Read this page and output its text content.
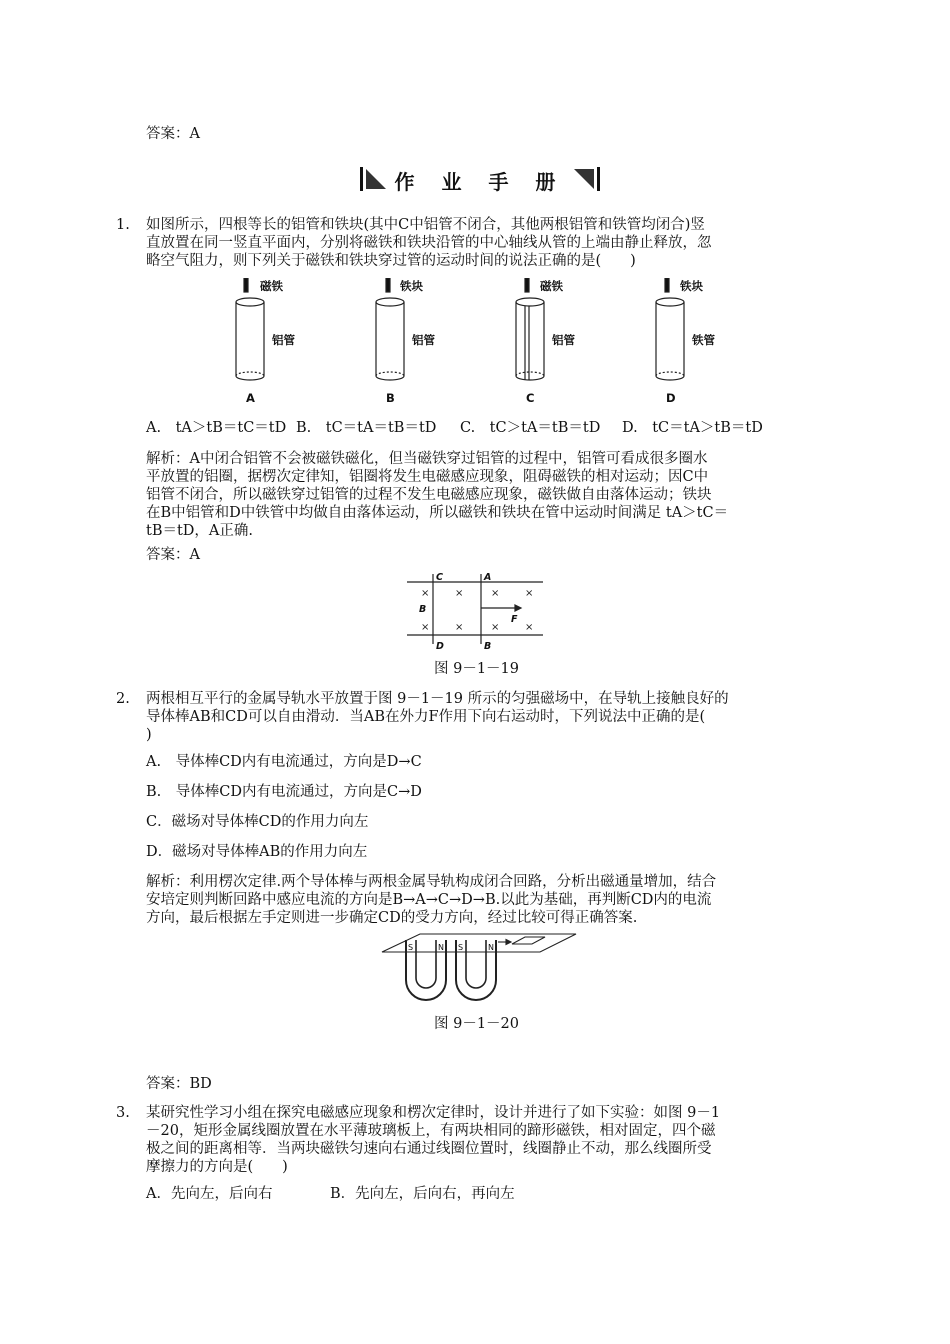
答案：A
作 业 手 册
1. 如图所示，四根等长的铝管和铁块(其中C中铝管不闭合，其他两根铝管和铁管均闭合)竖
直放置在同一竖直平面内，分别将磁铁和铁块沿管的中心轴线从管的上端由静止释放，忽
略空气阻力，则下列关于磁铁和铁块穿过管的运动时间的说法正确的是(　　)
磁铁
铝管
A
铁块
铝管
B
磁铁
铝管
C
铁块
铁管
D
A.　tA＞tB＝tC＝tD B.　tC＝tA＝tB＝tD C.　tC＞tA＝tB＝tD D.　tC＝tA＞tB＝tD
解析：A中闭合铝管不会被磁铁磁化，但当磁铁穿过铝管的过程中，铝管可看成很多圈水
平放置的铝圈，据楞次定律知，铝圈将发生电磁感应现象，阻碍磁铁的相对运动；因C中
铝管不闭合，所以磁铁穿过铝管的过程不发生电磁感应现象，磁铁做自由落体运动；铁块
在B中铝管和D中铁管中均做自由落体运动，所以磁铁和铁块在管中运动时间满足 tA＞tC＝
tB＝tD，A正确.
答案：A
×	×	×	×
×	×	×	×
C	A
B
D	B
F
图 9－1－19
2. 两根相互平行的金属导轨水平放置于图 9－1－19 所示的匀强磁场中，在导轨上接触良好的
导体棒AB和CD可以自由滑动．当AB在外力F作用下向右运动时，下列说法中正确的是(
)
A.　导体棒CD内有电流通过，方向是D→C
B.　导体棒CD内有电流通过，方向是C→D
C．磁场对导体棒CD的作用力向左
D．磁场对导体棒AB的作用力向左
解析：利用楞次定律.两个导体棒与两根金属导轨构成闭合回路，分析出磁通量增加，结合
安培定则判断回路中感应电流的方向是B→A→C→D→B.以此为基础，再判断CD内的电流
方向，最后根据左手定则进一步确定CD的受力方向，经过比较可得正确答案.
S	N S	N
图 9－1－20
答案：BD
3. 某研究性学习小组在探究电磁感应现象和楞次定律时，设计并进行了如下实验：如图 9－1
－20，矩形金属线圈放置在水平薄玻璃板上，有两块相同的蹄形磁铁，相对固定，四个磁
极之间的距离相等．当两块磁铁匀速向右通过线圈位置时，线圈静止不动，那么线圈所受
摩擦力的方向是(　　)
A．先向左，后向右	B．先向左，后向右，再向左
